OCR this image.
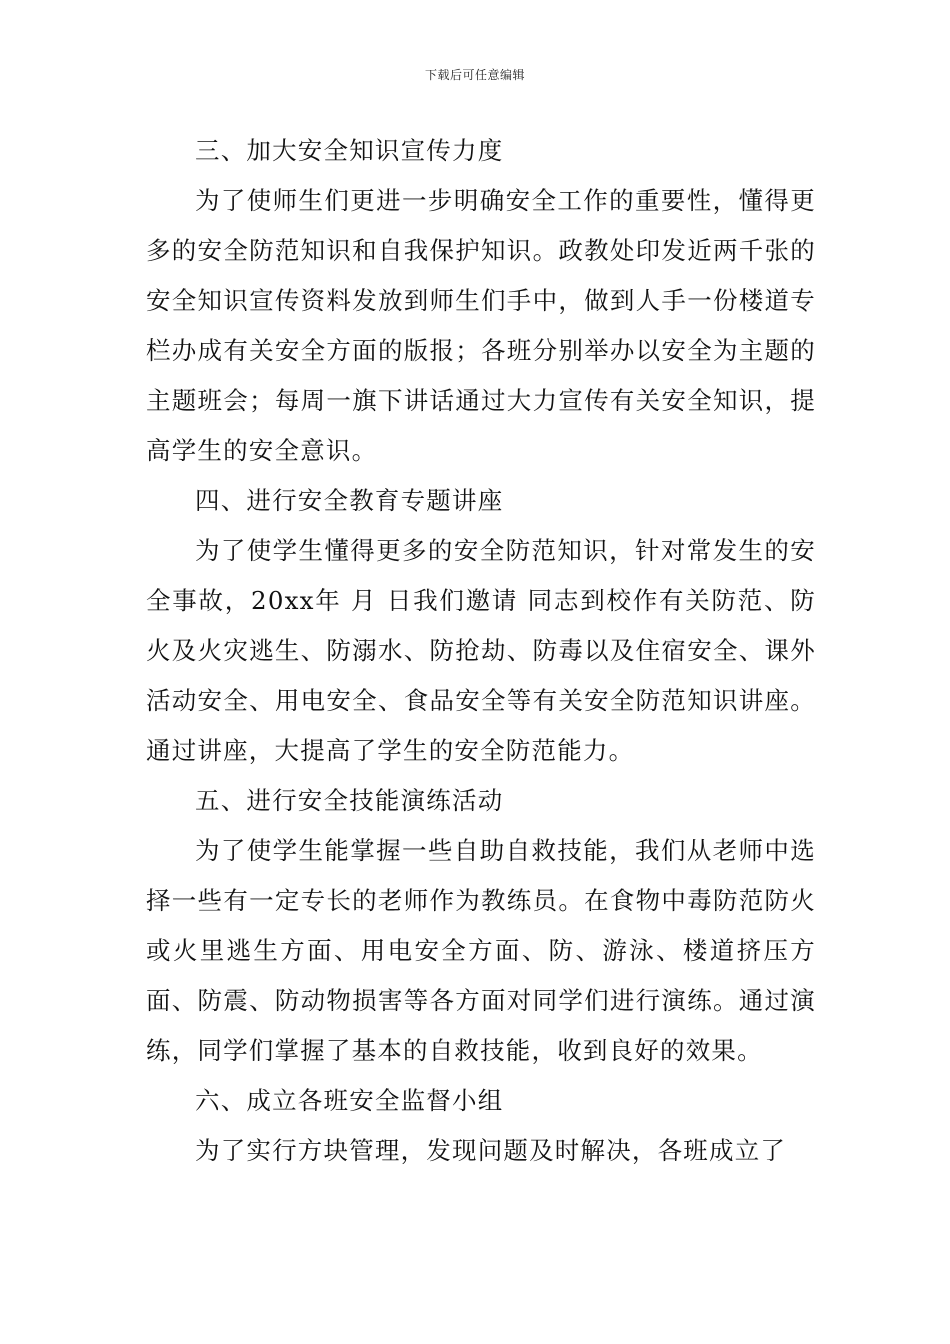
下载后可任意编辑

三、加大安全知识宣传力度

为了使师生们更进一步明确安全工作的重要性，懂得更多的安全防范知识和自我保护知识。政教处印发近两千张的安全知识宣传资料发放到师生们手中，做到人手一份楼道专栏办成有关安全方面的版报；各班分别举办以安全为主题的主题班会；每周一旗下讲话通过大力宣传有关安全知识，提高学生的安全意识。

四、进行安全教育专题讲座

为了使学生懂得更多的安全防范知识，针对常发生的安全事故，20xx年 月 日我们邀请 同志到校作有关防范、防火及火灾逃生、防溺水、防抢劫、防毒以及住宿安全、课外活动安全、用电安全、食品安全等有关安全防范知识讲座。通过讲座，大提高了学生的安全防范能力。

五、进行安全技能演练活动

为了使学生能掌握一些自助自救技能，我们从老师中选择一些有一定专长的老师作为教练员。在食物中毒防范防火或火里逃生方面、用电安全方面、防、游泳、楼道挤压方面、防震、防动物损害等各方面对同学们进行演练。通过演练，同学们掌握了基本的自救技能，收到良好的效果。

六、成立各班安全监督小组

为了实行方块管理，发现问题及时解决，各班成立了
